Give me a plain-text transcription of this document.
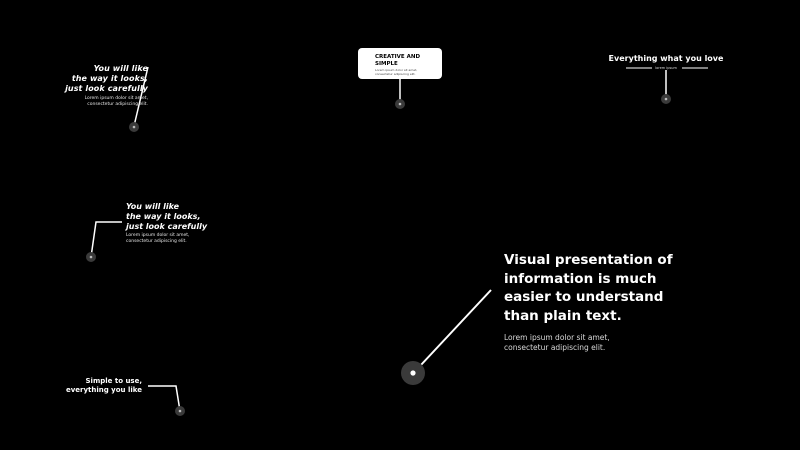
You will like
the way it looks,
just look carefully
Lorem ipsum dolor sit amet,
consectetur adipiscing elit.
CREATIVE AND
SIMPLE
Lorem ipsum dolor sit amet,
consectetur adipiscing elit.
Everything what you love
lorem ipsum
You will like
the way it looks,
just look carefully
Lorem ipsum dolor sit amet,
consectetur adipiscing elit.
Simple to use,
everything you like
Visual presentation of
information is much
easier to understand
than plain text.
Lorem ipsum dolor sit amet,
consectetur adipiscing elit.
